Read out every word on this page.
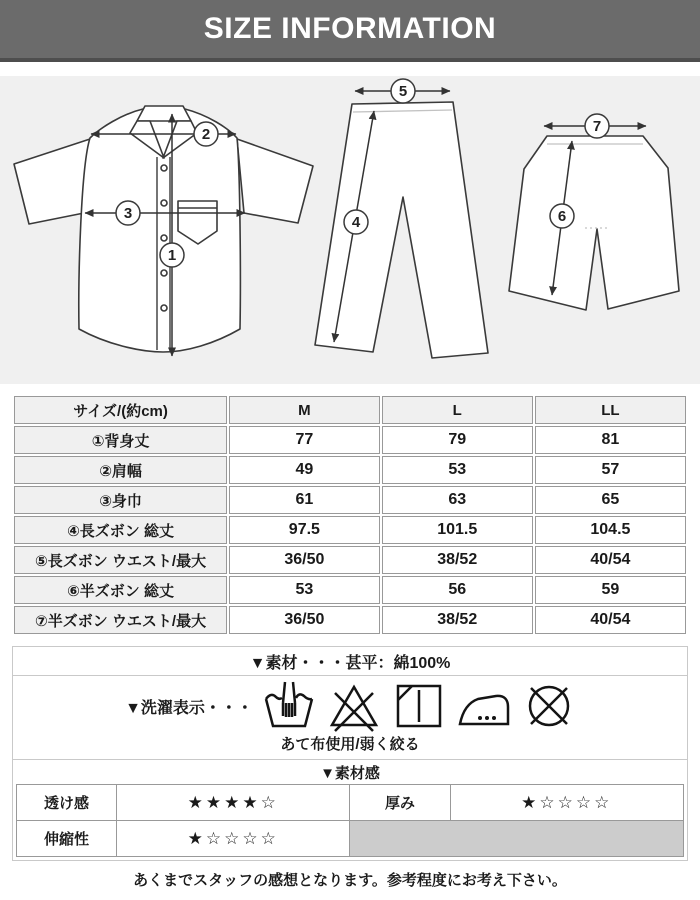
SIZE INFORMATION
2
3
1
5
4
7
6
サイズ/(約cm)	M	L	LL
①背身丈	77	79	81
②肩幅	49	53	57
③身巾	61	63	65
④長ズボン 総丈	97.5	101.5	104.5
⑤長ズボン ウエスト/最大	36/50	38/52	40/54
⑥半ズボン 総丈	53	56	59
⑦半ズボン ウエスト/最大	36/50	38/52	40/54
▼素材・・・甚平：綿100%
▼洗濯表示・・・
あて布使用/弱く絞る
▼素材感
透け感	★★★★☆	厚み	★☆☆☆☆
伸縮性	★☆☆☆☆		
あくまでスタッフの感想となります。参考程度にお考え下さい。
